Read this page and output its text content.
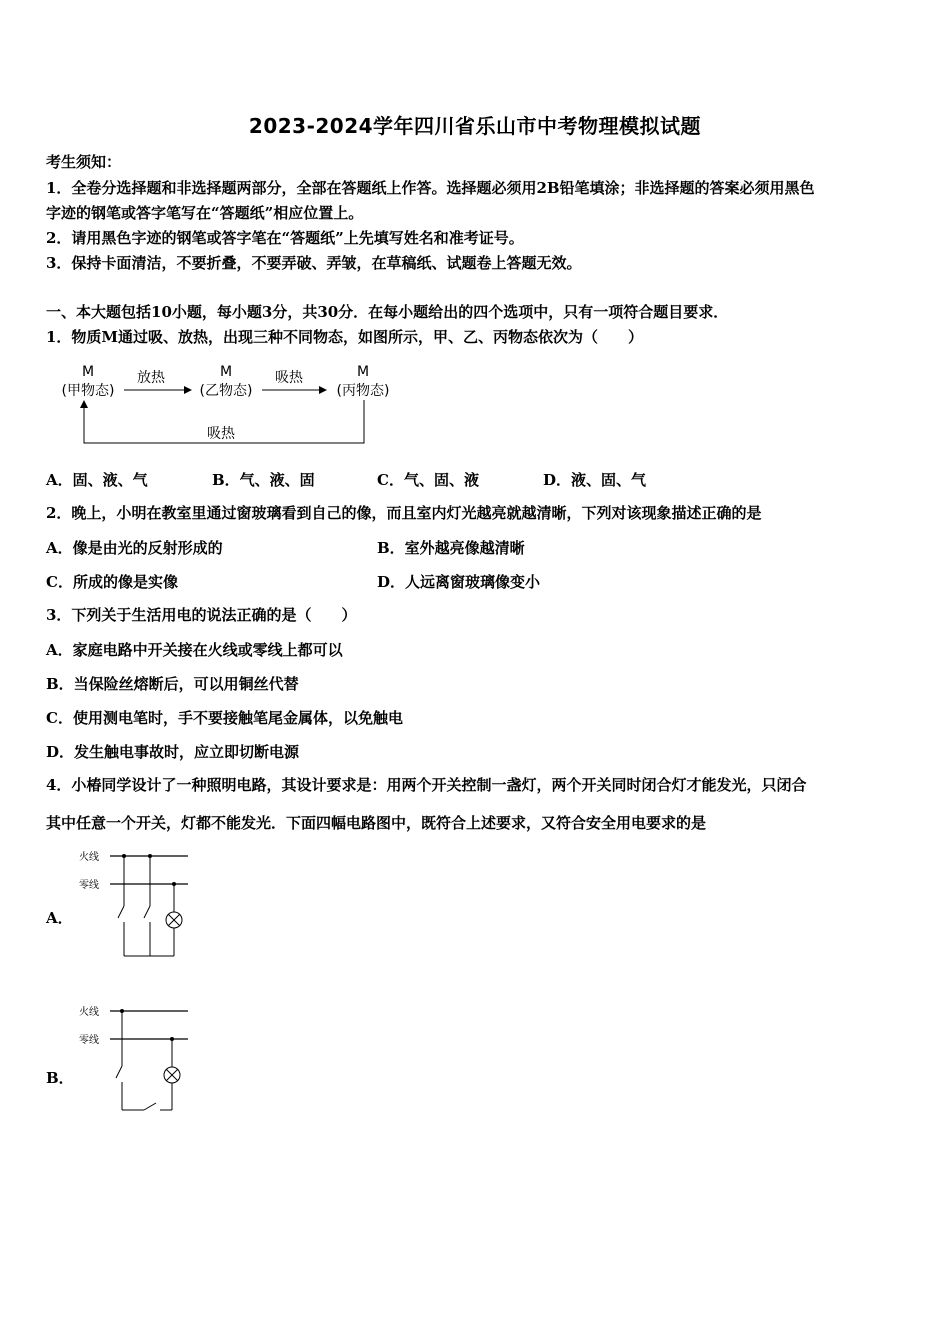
2023-2024学年四川省乐山市中考物理模拟试题
考生须知：
1．全卷分选择题和非选择题两部分，全部在答题纸上作答。选择题必须用2B铅笔填涂；非选择题的答案必须用黑色
字迹的钢笔或答字笔写在“答题纸”相应位置上。
2．请用黑色字迹的钢笔或答字笔在“答题纸”上先填写姓名和准考证号。
3．保持卡面清洁，不要折叠，不要弄破、弄皱，在草稿纸、试题卷上答题无效。
一、本大题包括10小题，每小题3分，共30分．在每小题给出的四个选项中，只有一项符合题目要求．
1．物质M通过吸、放热，出现三种不同物态，如图所示，甲、乙、丙物态依次为（　　）
M	M	M
(甲物态)	(乙物态)	(丙物态)
放热	吸热
吸热
A．固、液、气	B．气、液、固	C．气、固、液	D．液、固、气
2．晚上，小明在教室里通过窗玻璃看到自己的像，而且室内灯光越亮就越清晰，下列对该现象描述正确的是
A．像是由光的反射形成的	B．室外越亮像越清晰
C．所成的像是实像	D．人远离窗玻璃像变小
3．下列关于生活用电的说法正确的是（　　）
A．家庭电路中开关接在火线或零线上都可以
B．当保险丝熔断后，可以用铜丝代替
C．使用测电笔时，手不要接触笔尾金属体，以免触电
D．发生触电事故时，应立即切断电源
4．小椿同学设计了一种照明电路，其设计要求是：用两个开关控制一盏灯，两个开关同时闭合灯才能发光，只闭合
其中任意一个开关，灯都不能发光．下面四幅电路图中，既符合上述要求，又符合安全用电要求的是
A．
火线
零线
B．
火线
零线
